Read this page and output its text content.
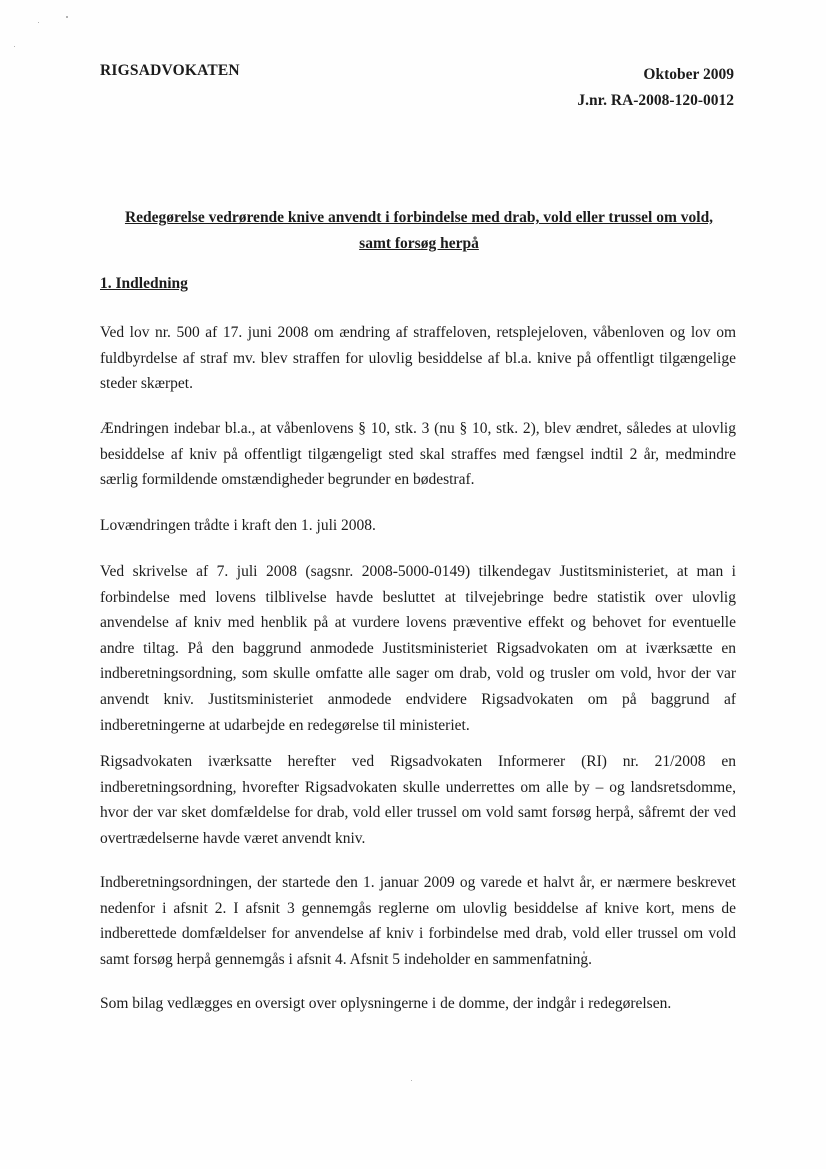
RIGSADVOKATEN	Oktober 2009
J.nr. RA-2008-120-0012
Redegørelse vedrørende knive anvendt i forbindelse med drab, vold eller trussel om vold,
samt forsøg herpå
1. Indledning

Ved lov nr. 500 af 17. juni 2008 om ændring af straffeloven, retsplejeloven, våbenloven og lov om fuldbyrdelse af straf mv. blev straffen for ulovlig besiddelse af bl.a. knive på offentligt tilgængelige steder skærpet.

Ændringen indebar bl.a., at våbenlovens § 10, stk. 3 (nu § 10, stk. 2), blev ændret, således at ulovlig besiddelse af kniv på offentligt tilgængeligt sted skal straffes med fængsel indtil 2 år, medmindre særlig formildende omstændigheder begrunder en bødestraf.

Lovændringen trådte i kraft den 1. juli 2008.

Ved skrivelse af 7. juli 2008 (sagsnr. 2008-5000-0149) tilkendegav Justitsministeriet, at man i forbindelse med lovens tilblivelse havde besluttet at tilvejebringe bedre statistik over ulovlig anvendelse af kniv med henblik på at vurdere lovens præventive effekt og behovet for eventuelle andre tiltag. På den baggrund anmodede Justitsministeriet Rigsadvokaten om at iværksætte en indberetningsordning, som skulle omfatte alle sager om drab, vold og trusler om vold, hvor der var anvendt kniv. Justitsministeriet anmodede endvidere Rigsadvokaten om på baggrund af indberetningerne at udarbejde en redegørelse til ministeriet.

Rigsadvokaten iværksatte herefter ved Rigsadvokaten Informerer (RI) nr. 21/2008 en indberetningsordning, hvorefter Rigsadvokaten skulle underrettes om alle by – og landsretsdomme, hvor der var sket domfældelse for drab, vold eller trussel om vold samt forsøg herpå, såfremt der ved overtrædelserne havde været anvendt kniv.

Indberetningsordningen, der startede den 1. januar 2009 og varede et halvt år, er nærmere beskrevet nedenfor i afsnit 2. I afsnit 3 gennemgås reglerne om ulovlig besiddelse af knive kort, mens de indberettede domfældelser for anvendelse af kniv i forbindelse med drab, vold eller trussel om vold samt forsøg herpå gennemgås i afsnit 4. Afsnit 5 indeholder en sammenfatning.

Som bilag vedlægges en oversigt over oplysningerne i de domme, der indgår i redegørelsen.
